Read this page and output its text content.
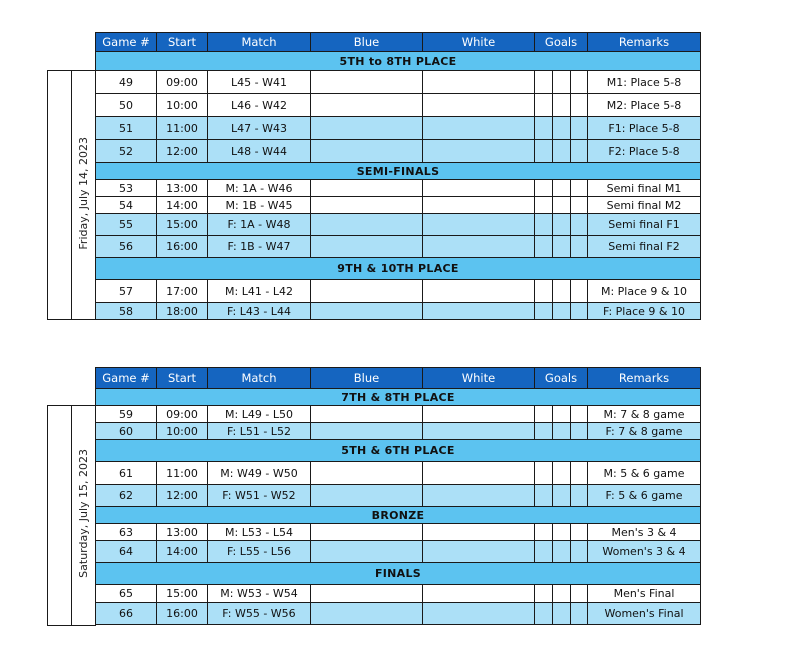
		Game #	Start	Match	Blue	White	Goals			Remarks
		5TH to 8TH PLACE								
Day 6	Friday, July 14, 2023	49	09:00	L45 - W41						M1: Place 5-8
		50	10:00	L46 - W42						M2: Place 5-8
		51	11:00	L47 - W43						F1: Place 5-8
		52	12:00	L48 - W44						F2: Place 5-8
		SEMI-FINALS								
		53	13:00	M: 1A - W46						Semi final M1
		54	14:00	M: 1B - W45						Semi final M2
		55	15:00	F: 1A - W48						Semi final F1
		56	16:00	F: 1B - W47						Semi final F2
		9TH & 10TH PLACE								
		57	17:00	M: L41 - L42						M: Place 9 & 10
		58	18:00	F: L43 - L44						F: Place 9 & 10
		Game #	Start	Match	Blue	White	Goals			Remarks
		7TH & 8TH PLACE								
Day 7	Saturday, July 15, 2023	59	09:00	M: L49 - L50						M: 7 & 8 game
		60	10:00	F: L51 - L52						F: 7 & 8 game
		5TH & 6TH PLACE								
		61	11:00	M: W49 - W50						M: 5 & 6 game
		62	12:00	F: W51 - W52						F: 5 & 6 game
		BRONZE								
		63	13:00	M: L53 - L54						Men's 3 & 4
		64	14:00	F: L55 - L56						Women's 3 & 4
		FINALS								
		65	15:00	M: W53 - W54						Men's Final
		66	16:00	F: W55 - W56						Women's Final
